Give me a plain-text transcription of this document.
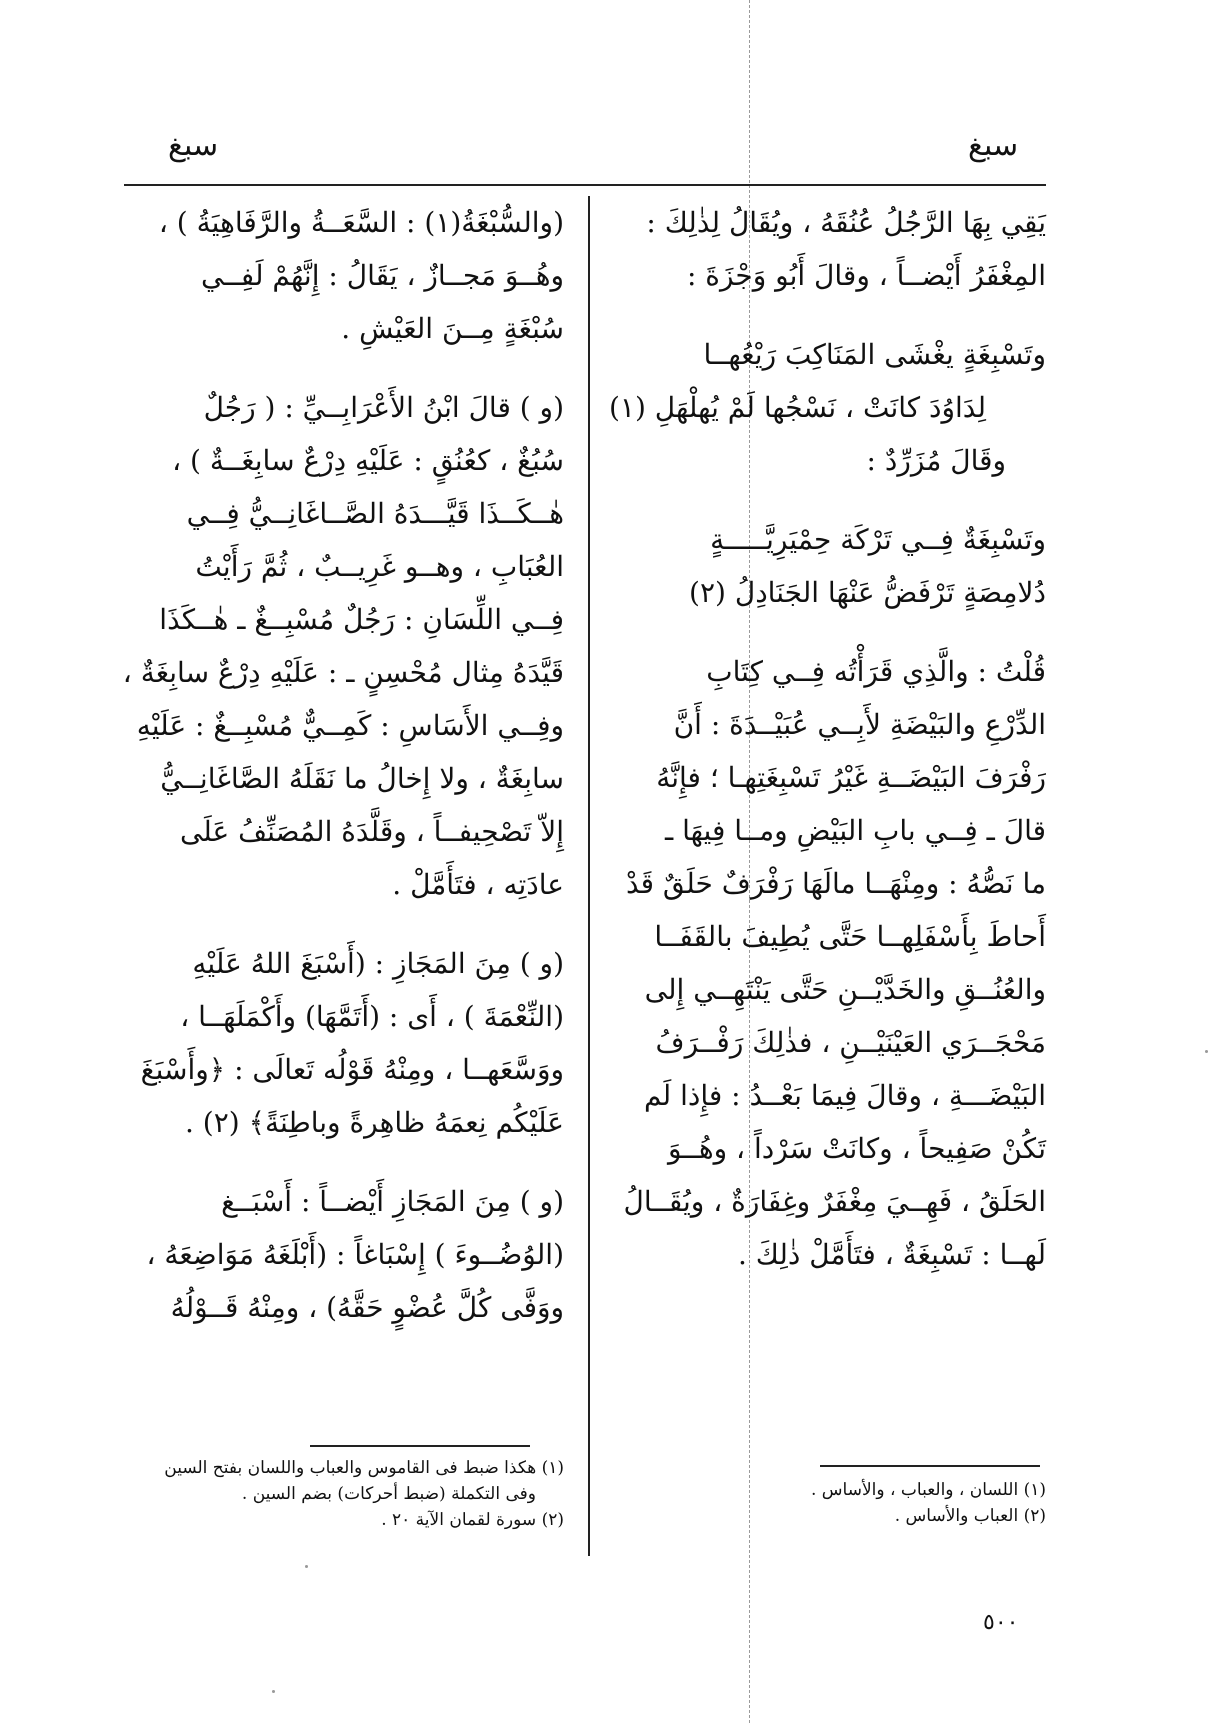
سبغ	سبغ
يَقِي بِهَا الرَّجُلُ عُنُقَهُ ، ويُقَالُ لِذٰلِكَ :
المِغْفَرُ أَيْضــاً ، وقالَ أَبُو وَجْزَةَ :
وتَسْبِغَةٍ يغْشَى المَنَاكِبَ رَيْعُهــا
لِدَاوُدَ كانَتْ ، نَسْجُها لَمْ يُهلْهَلِ (١)
وقَالَ مُزَرِّدٌ :
وتَسْبِغَةٌ فِــي تَرْكَة حِمْيَرِيَّـــــةٍ
دُلامِصَةٍ تَرْفَضُّ عَنْهَا الجَنَادِلُ (٢)
قُلْتُ : والَّذِي قَرَأْتُه فِــي كِتَابِ
الدِّرْعِ والبَيْضَةِ لأَبِــي عُبَيْــدَةَ : أَنَّ
رَفْرَفَ البَيْضَــةِ غَيْرُ تَسْبِغَتِهـا ؛ فإِنَّهُ
قالَ ـ فِــي بابِ البَيْضِ ومــا فِيهَا ـ
ما نَصُّهُ : ومِنْهَــا مالَهَا رَفْرَفٌ حَلَقٌ قَدْ
أَحاطَ بِأَسْفَلِهــا حَتَّى يُطِيفَ بالقَفَــا
والعُنُــقِ والخَدَّيْــنِ حَتَّى يَنْتَهِــي إِلى
مَحْجَــرَي العَيْنَيْــنِ ، فذٰلِكَ رَفْــرَفُ
البَيْضَـــةِ ، وقالَ فِيمَا بَعْــدُ : فإِذا لَم
تَكُنْ صَفِيحاً ، وكانَتْ سَرْداً ، وهُــوَ
الحَلَقُ ، فَهِــيَ مِغْفَرٌ وغِفَارَةٌ ، ويُقَــالُ
لَهــا : تَسْبِغَةٌ ، فتَأَمَّلْ ذٰلِكَ .
(والسُّبْغَةُ(١) : السَّعَــةُ والرَّفَاهِيَةُ ) ،
وهُــوَ مَجــازٌ ، يَقَالُ : إِنَّهُمْ لَفِــي
سُبْغَةٍ مِــنَ العَيْشِ .
(و ) قالَ ابْنُ الأَعْرَابِــيِّ : ( رَجُلٌ
سُبُغٌ ، كعُنُقٍ : عَلَيْهِ دِرْعٌ سابِغَــةٌ ) ،
هٰــكَــذَا قَيَّـــدَهُ الصَّــاغَانِــيُّ فِــي
العُبَابِ ، وهــو غَرِيــبٌ ، ثُمَّ رَأَيْتُ
فِــي اللِّسَانِ : رَجُلٌ مُسْبِــغٌ ـ هٰــكَذَا
قَيَّدَهُ مِثال مُحْسِنٍ ـ : عَلَيْهِ دِرْعٌ سابِغَةٌ ،
وفِــي الأَسَاسِ : كَمِــيٌّ مُسْبِــغٌ : عَلَيْهِ
سابِغَةٌ ، ولا إِخالُ ما نَقَلَهُ الصَّاغَانِــيُّ
إِلاّ تَصْحِيفــاً ، وقَلَّدَهُ المُصَنِّفُ عَلَى
عادَتِه ، فتَأَمَّلْ .
(و ) مِنَ المَجَازِ : (أَسْبَغَ اللهُ عَلَيْهِ
(النِّعْمَةَ ) ، أَى : (أَتَمَّهَا) وأَكْمَلَهَــا ،
ووَسَّعَهــا ، ومِنْهُ قَوْلُه تَعالَى : ﴿وأَسْبَغَ
عَلَيْكُم نِعمَهُ ظاهِرةً وباطِنَةً﴾ (٢) .
(و ) مِنَ المَجَازِ أَيْضــاً : أَسْبَــغ
(الوُضُــوءَ ) إِسْبَاغاً : (أَبْلَغَهُ مَوَاضِعَهُ ،
ووَفَّى كُلَّ عُضْوٍ حَقَّهُ) ، ومِنْهُ قَــوْلُهُ
(١) هكذا ضبط فى القاموس والعباب واللسان بفتح السين
وفى التكملة (ضبط أحركات) بضم السين .
(٢) سورة لقمان الآية ٢٠ .
(١) اللسان ، والعباب ، والأساس .
(٢) العباب والأساس .
٥٠٠
